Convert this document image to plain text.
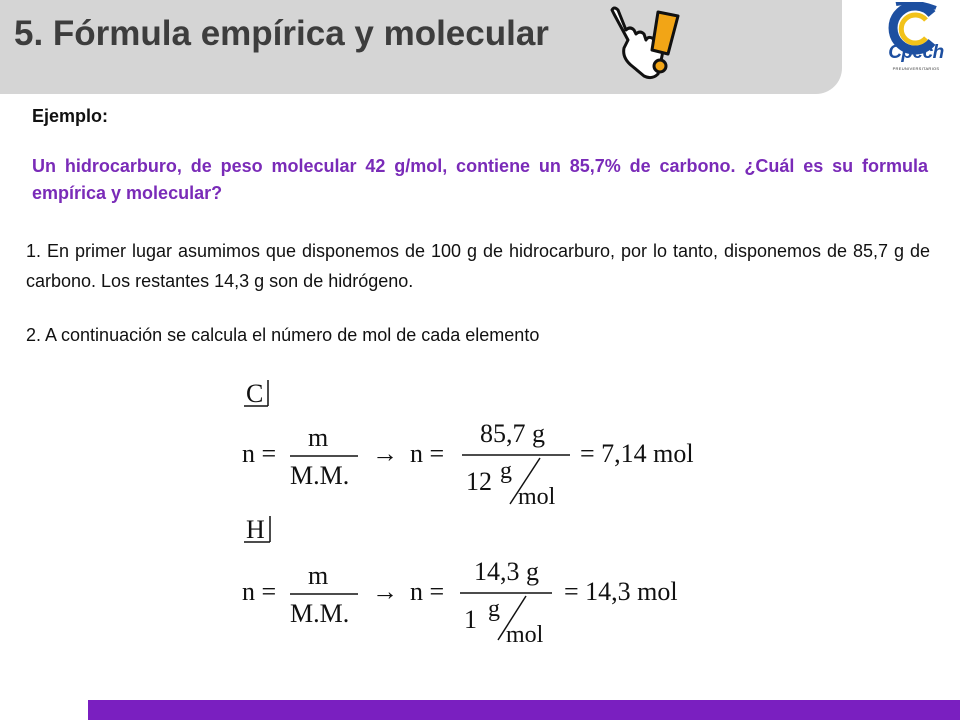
5. Fórmula empírica y molecular	Cpech
PREUNIVERSITARIOS
Ejemplo:
Un hidrocarburo, de peso molecular 42 g/mol, contiene un 85,7% de carbono. ¿Cuál es su formula empírica y molecular?
1. En primer lugar asumimos que disponemos de 100 g de hidrocarburo, por lo tanto, disponemos de 85,7 g de carbono. Los restantes 14,3 g son de hidrógeno.
2. A continuación se calcula el número de mol de cada elemento
C
n =
m
M.M.
→ n =
85,7 g
12 g
mol
= 7,14 mol
H
n =
m
M.M.
→ n =
14,3 g
1 g
mol
= 14,3 mol
